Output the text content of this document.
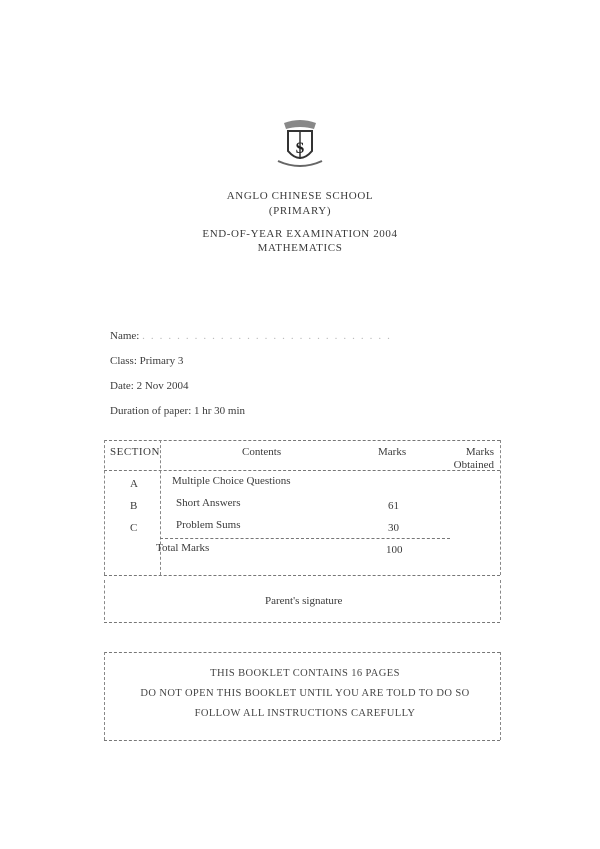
S
ANGLO CHINESE SCHOOL
(PRIMARY)
END-OF-YEAR EXAMINATION 2004
MATHEMATICS
Name: .............................
Class: Primary 3
Date: 2 Nov 2004
Duration of paper: 1 hr 30 min
SECTION	Contents	Marks	Marks Obtained
A	Multiple Choice Questions
B	Short Answers	61
C	Problem Sums	30
Total Marks	100
Parent's signature
THIS BOOKLET CONTAINS 16 PAGES
DO NOT OPEN THIS BOOKLET UNTIL YOU ARE TOLD TO DO SO
FOLLOW ALL INSTRUCTIONS CAREFULLY
